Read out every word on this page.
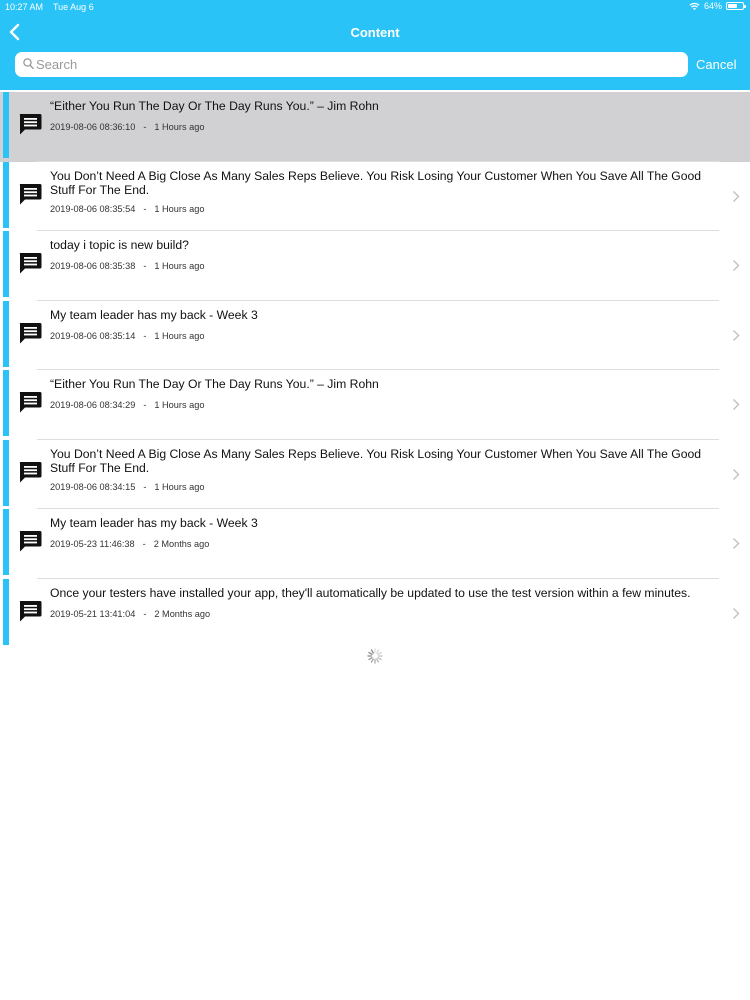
10:27 AM Tue Aug 6	64%
Content
Search
Cancel
“Either You Run The Day Or The Day Runs You.” – Jim Rohn
2019-08-06 08:36:10 - 1 Hours ago
You Don’t Need A Big Close As Many Sales Reps Believe. You Risk Losing Your Customer When You Save All The Good Stuff For The End.
2019-08-06 08:35:54 - 1 Hours ago
today i topic is new build?
2019-08-06 08:35:38 - 1 Hours ago
My team leader has my back - Week 3
2019-08-06 08:35:14 - 1 Hours ago
“Either You Run The Day Or The Day Runs You.” – Jim Rohn
2019-08-06 08:34:29 - 1 Hours ago
You Don’t Need A Big Close As Many Sales Reps Believe. You Risk Losing Your Customer When You Save All The Good Stuff For The End.
2019-08-06 08:34:15 - 1 Hours ago
My team leader has my back - Week 3
2019-05-23 11:46:38 - 2 Months ago
Once your testers have installed your app, they'll automatically be updated to use the test version within a few minutes.
2019-05-21 13:41:04 - 2 Months ago
